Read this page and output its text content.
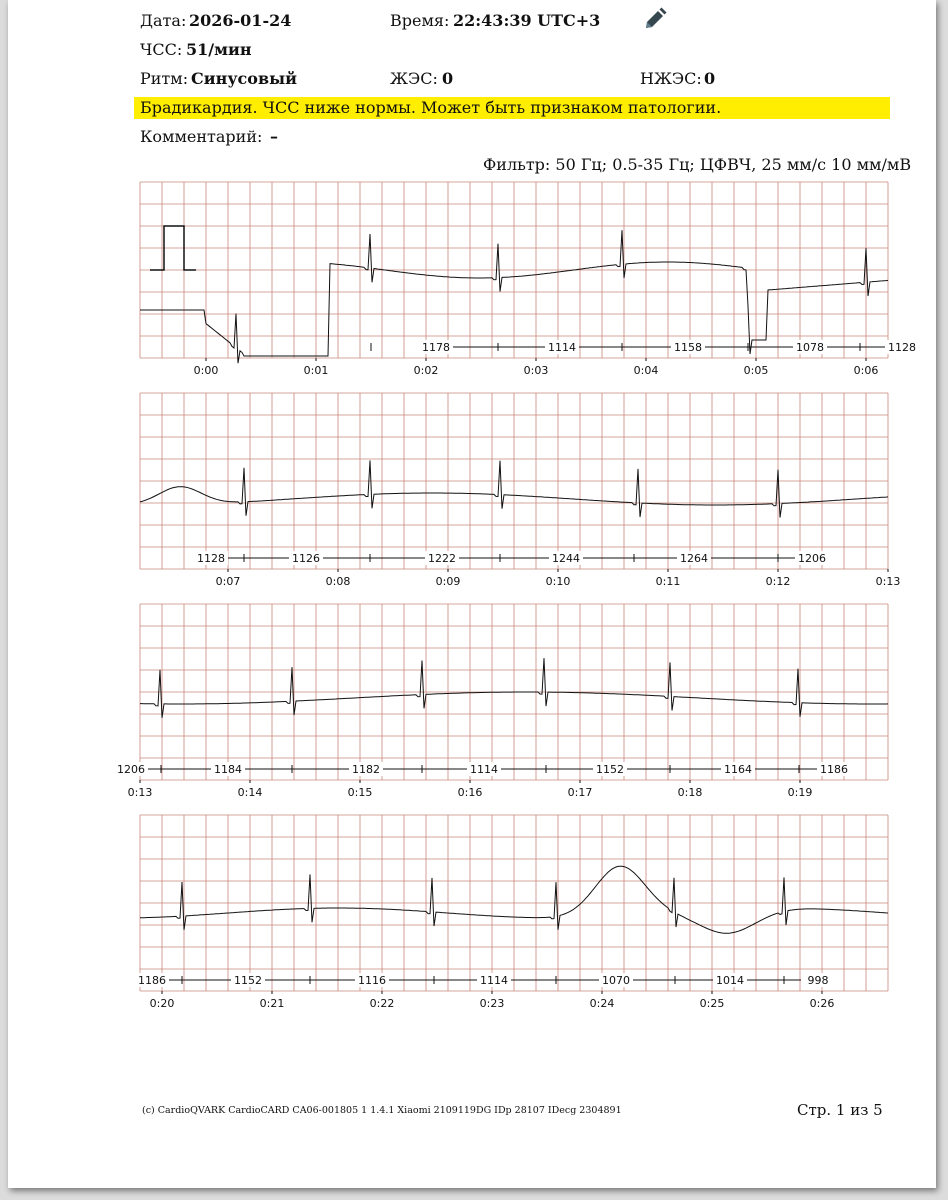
Дата: 2026-01-24	Время: 22:43:39 UTC+3
ЧСС: 51/мин
Ритм: Синусовый	ЖЭС: 0	НЖЭС: 0
Брадикардия. ЧСС ниже нормы. Может быть признаком патологии.
Комментарий: –
Фильтр: 50 Гц; 0.5-35 Гц; ЦФВЧ, 25 мм/с 10 мм/мВ
1178	1114	1158	1078	1128
0:00	0:01	0:02	0:03	0:04	0:05	0:06
1128	1126	1222	1244	1264	1206
0:07	0:08	0:09	0:10	0:11	0:12	0:13
1206	1184	1182	1114	1152	1164	1186
0:13	0:14	0:15	0:16	0:17	0:18	0:19
1186	1152	1116	1114	1070	1014	998
0:20	0:21	0:22	0:23	0:24	0:25	0:26
(c) CardioQVARK CardioCARD CA06-001805 1 1.4.1 Xiaomi 2109119DG IDp 28107 IDecg 2304891	Стр. 1 из 5
